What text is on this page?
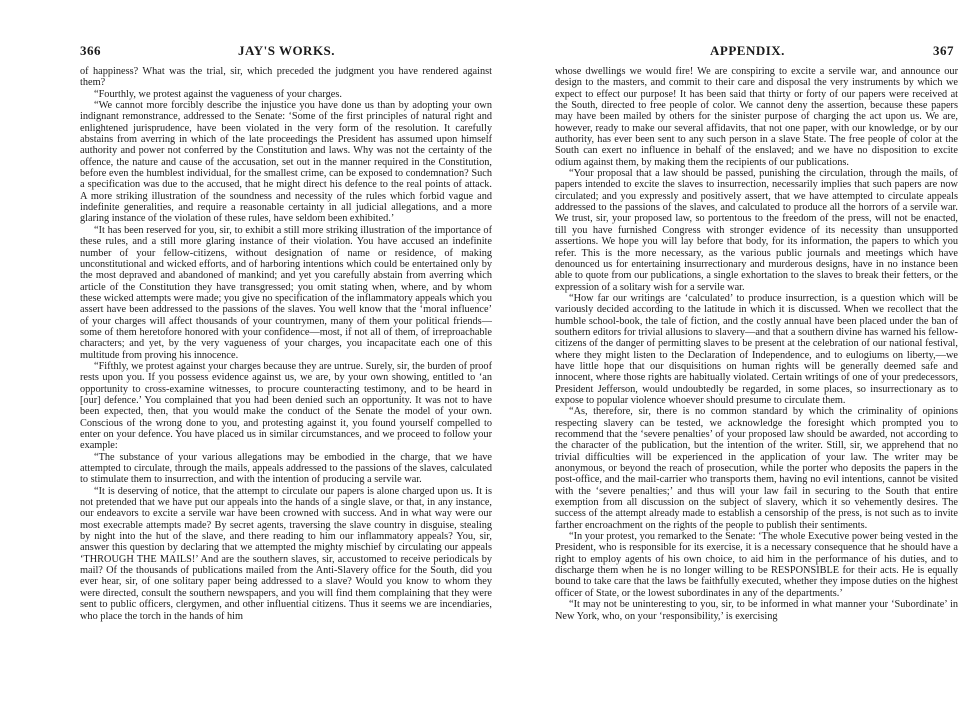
366	JAY'S WORKS.	APPENDIX.	367

of happiness? What was the trial, sir, which preceded the judgment you have rendered against them?

“Fourthly, we protest against the vagueness of your charges.

“We cannot more forcibly describe the injustice you have done us than by adopting your own indignant remonstrance, addressed to the Senate: ‘Some of the first principles of natural right and enlightened jurisprudence, have been violated in the very form of the resolution. It carefully abstains from averring in which of the late proceedings the President has assumed upon himself authority and power not conferred by the Constitution and laws. Why was not the certainty of the offence, the nature and cause of the accusation, set out in the manner required in the Constitution, before even the humblest individual, for the smallest crime, can be exposed to condemnation? Such a specification was due to the accused, that he might direct his defence to the real points of attack. A more striking illustration of the soundness and necessity of the rules which forbid vague and indefinite generalities, and require a reasonable certainty in all judicial allegations, and a more glaring instance of the violation of these rules, have seldom been exhibited.’

“It has been reserved for you, sir, to exhibit a still more striking illustration of the importance of these rules, and a still more glaring instance of their violation. You have accused an indefinite number of your fellow-citizens, without designation of name or residence, of making unconstitutional and wicked efforts, and of harboring intentions which could be entertained only by the most depraved and abandoned of mankind; and yet you carefully abstain from averring which article of the Constitution they have transgressed; you omit stating when, where, and by whom these wicked attempts were made; you give no specification of the inflammatory appeals which you assert have been addressed to the passions of the slaves. You well know that the ‘moral influence’ of your charges will affect thousands of your countrymen, many of them your political friends—some of them heretofore honored with your confidence—most, if not all of them, of irreproachable characters; and yet, by the very vagueness of your charges, you incapacitate each one of this multitude from proving his innocence.

“Fifthly, we protest against your charges because they are untrue. Surely, sir, the burden of proof rests upon you. If you possess evidence against us, we are, by your own showing, entitled to ‘an opportunity to cross-examine witnesses, to procure counteracting testimony, and to be heard in [our] defence.’ You complained that you had been denied such an opportunity. It was not to have been expected, then, that you would make the conduct of the Senate the model of your own. Conscious of the wrong done to you, and protesting against it, you found yourself compelled to enter on your defence. You have placed us in similar circumstances, and we proceed to follow your example:

“The substance of your various allegations may be embodied in the charge, that we have attempted to circulate, through the mails, appeals addressed to the passions of the slaves, calculated to stimulate them to insurrection, and with the intention of producing a servile war.

“It is deserving of notice, that the attempt to circulate our papers is alone charged upon us. It is not pretended that we have put our appeals into the hands of a single slave, or that, in any instance, our endeavors to excite a servile war have been crowned with success. And in what way were our most execrable attempts made? By secret agents, traversing the slave country in disguise, stealing by night into the hut of the slave, and there reading to him our inflammatory appeals? You, sir, answer this question by declaring that we attempted the mighty mischief by circulating our appeals ‘THROUGH THE MAILS!’ And are the southern slaves, sir, accustomed to receive periodicals by mail? Of the thousands of publications mailed from the Anti-Slavery office for the South, did you ever hear, sir, of one solitary paper being addressed to a slave? Would you know to whom they were directed, consult the southern newspapers, and you will find them complaining that they were sent to public officers, clergymen, and other influential citizens. Thus it seems we are incendiaries, who place the torch in the hands of him

whose dwellings we would fire! We are conspiring to excite a servile war, and announce our design to the masters, and commit to their care and disposal the very instruments by which we expect to effect our purpose! It has been said that thirty or forty of our papers were received at the South, directed to free people of color. We cannot deny the assertion, because these papers may have been mailed by others for the sinister purpose of charging the act upon us. We are, however, ready to make our several affidavits, that not one paper, with our knowledge, or by our authority, has ever been sent to any such person in a slave State. The free people of color at the South can exert no influence in behalf of the enslaved; and we have no disposition to excite odium against them, by making them the recipients of our publications.

“Your proposal that a law should be passed, punishing the circulation, through the mails, of papers intended to excite the slaves to insurrection, necessarily implies that such papers are now circulated; and you expressly and positively assert, that we have attempted to circulate appeals addressed to the passions of the slaves, and calculated to produce all the horrors of a servile war. We trust, sir, your proposed law, so portentous to the freedom of the press, will not be enacted, till you have furnished Congress with stronger evidence of its necessity than unsupported assertions. We hope you will lay before that body, for its information, the papers to which you refer. This is the more necessary, as the various public journals and meetings which have denounced us for entertaining insurrectionary and murderous designs, have in no instance been able to quote from our publications, a single exhortation to the slaves to break their fetters, or the expression of a solitary wish for a servile war.

“How far our writings are ‘calculated’ to produce insurrection, is a question which will be variously decided according to the latitude in which it is discussed. When we recollect that the humble school-book, the tale of fiction, and the costly annual have been placed under the ban of southern editors for trivial allusions to slavery—and that a southern divine has warned his fellow-citizens of the danger of permitting slaves to be present at the celebration of our national festival, where they might listen to the Declaration of Independence, and to eulogiums on liberty,—we have little hope that our disquisitions on human rights will be generally deemed safe and innocent, where those rights are habitually violated. Certain writings of one of your predecessors, President Jefferson, would undoubtedly be regarded, in some places, so insurrectionary as to expose to popular violence whoever should presume to circulate them.

“As, therefore, sir, there is no common standard by which the criminality of opinions respecting slavery can be tested, we acknowledge the foresight which prompted you to recommend that the ‘severe penalties’ of your proposed law should be awarded, not according to the character of the publication, but the intention of the writer. Still, sir, we apprehend that no trivial difficulties will be experienced in the application of your law. The writer may be anonymous, or beyond the reach of prosecution, while the porter who deposits the papers in the post-office, and the mail-carrier who transports them, having no evil intentions, cannot be visited with the ‘severe penalties;’ and thus will your law fail in securing to the South that entire exemption from all discussion on the subject of slavery, which it so vehemently desires. The success of the attempt already made to establish a censorship of the press, is not such as to invite farther encroachment on the rights of the people to publish their sentiments.

“In your protest, you remarked to the Senate: ‘The whole Executive power being vested in the President, who is responsible for its exercise, it is a necessary consequence that he should have a right to employ agents of his own choice, to aid him in the performance of his duties, and to discharge them when he is no longer willing to be RESPONSIBLE for their acts. He is equally bound to take care that the laws be faithfully executed, whether they impose duties on the highest officer of State, or the lowest subordinates in any of the departments.’

“It may not be uninteresting to you, sir, to be informed in what manner your ‘Subordinate’ in New York, who, on your ‘responsibility,’ is exercising
